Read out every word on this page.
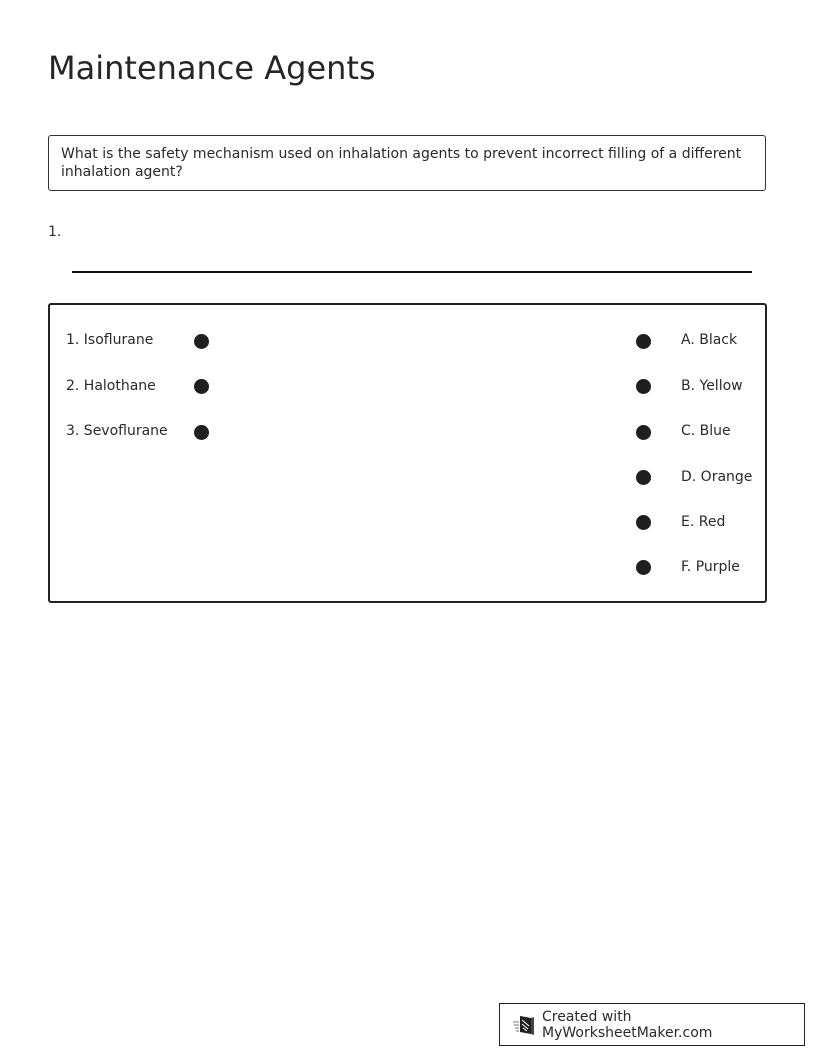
Maintenance Agents
What is the safety mechanism used on inhalation agents to prevent incorrect filling of a different inhalation agent?
1.
1. Isoflurane
2. Halothane
3. Sevoflurane
A. Black
B. Yellow
C. Blue
D. Orange
E. Red
F. Purple
Created with MyWorksheetMaker.com
